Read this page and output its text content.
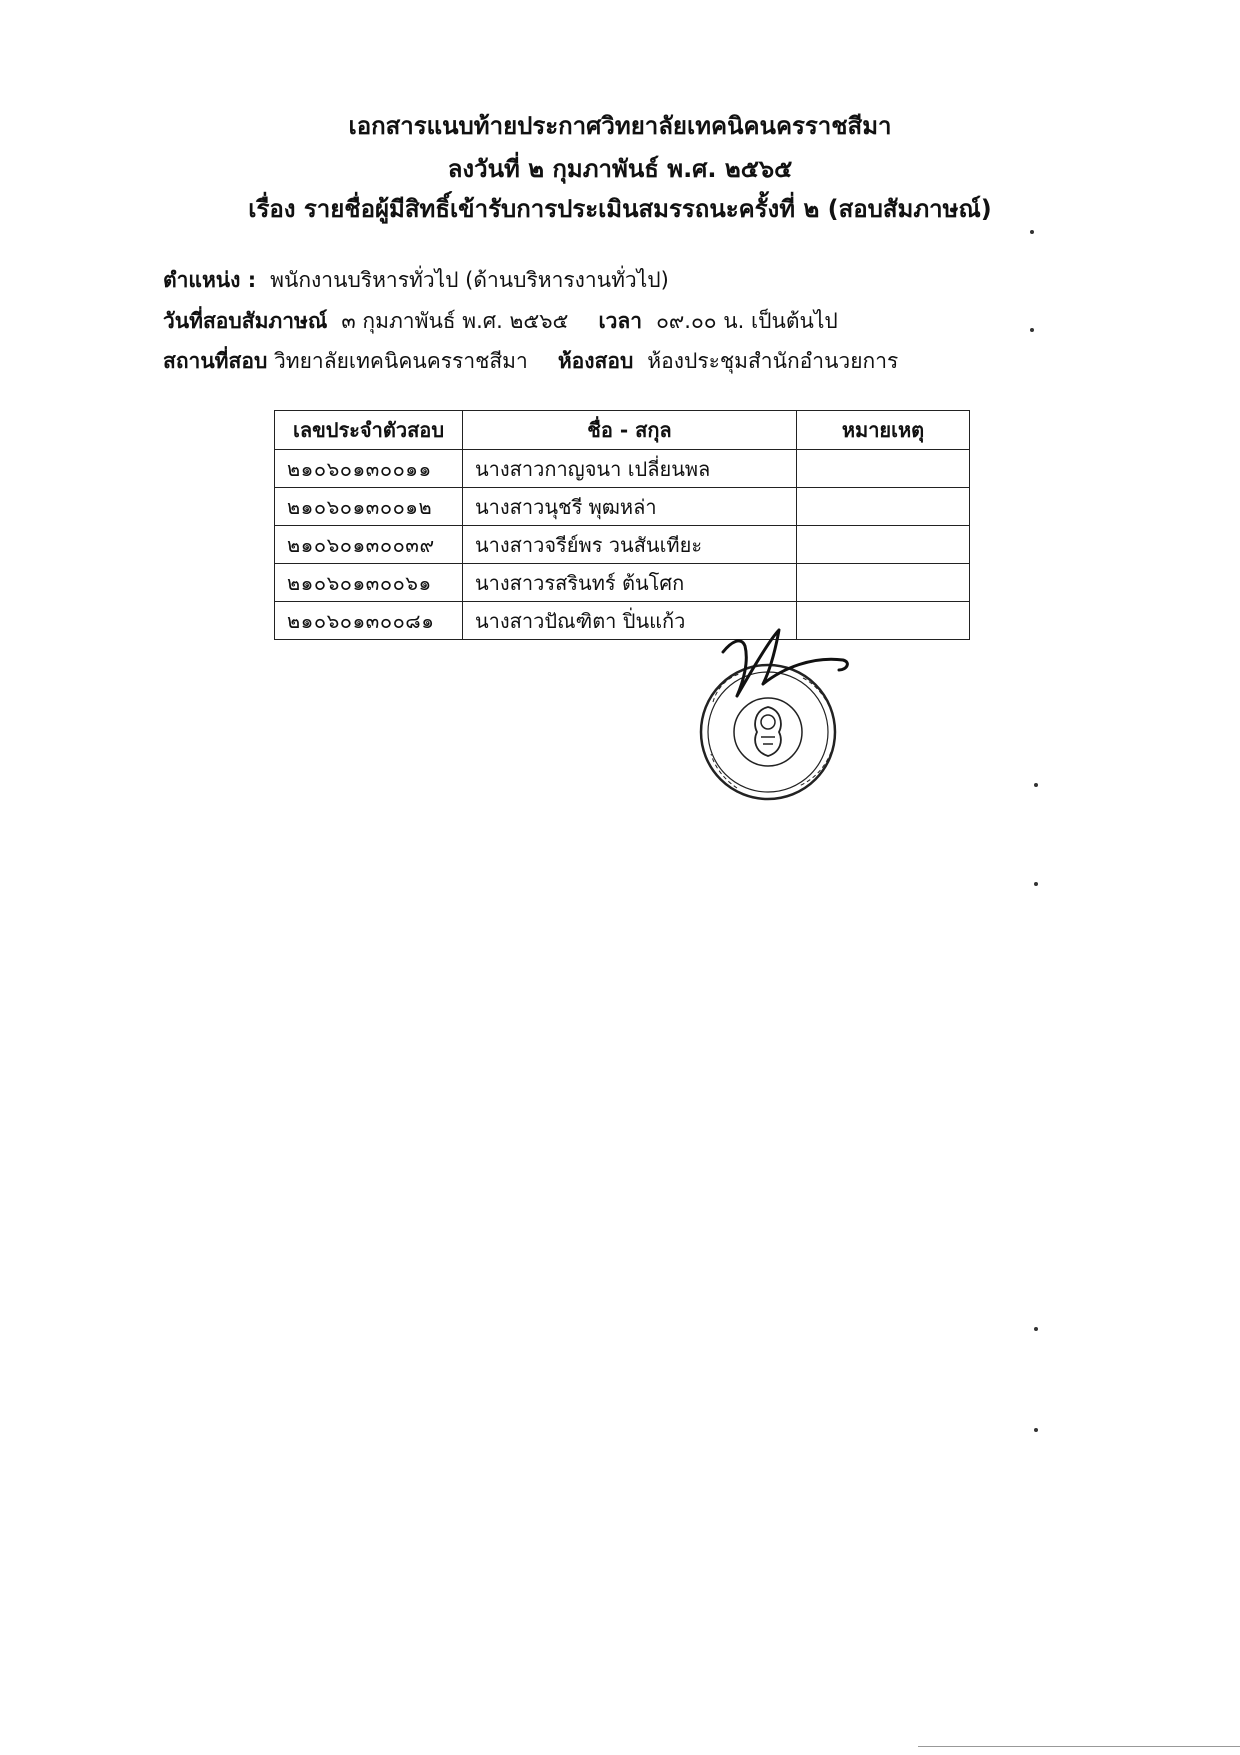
เอกสารแนบท้ายประกาศวิทยาลัยเทคนิคนครราชสีมา
ลงวันที่ ๒ กุมภาพันธ์ พ.ศ. ๒๕๖๕
เรื่อง รายชื่อผู้มีสิทธิ์เข้ารับการประเมินสมรรถนะครั้งที่ ๒ (สอบสัมภาษณ์)
ตำแหน่ง : พนักงานบริหารทั่วไป (ด้านบริหารงานทั่วไป)
วันที่สอบสัมภาษณ์ ๓ กุมภาพันธ์ พ.ศ. ๒๕๖๕ เวลา ๐๙.๐๐ น. เป็นต้นไป
สถานที่สอบ วิทยาลัยเทคนิคนครราชสีมา ห้องสอบ ห้องประชุมสำนักอำนวยการ
เลขประจำตัวสอบ	ชื่อ - สกุล	หมายเหตุ
๒๑๐๖๐๑๓๐๐๑๑	นางสาวกาญจนา เปลี่ยนพล	
๒๑๐๖๐๑๓๐๐๑๒	นางสาวนุชรี พุฒหล่า	
๒๑๐๖๐๑๓๐๐๓๙	นางสาวจรีย์พร วนสันเทียะ	
๒๑๐๖๐๑๓๐๐๖๑	นางสาวรสรินทร์ ต้นโศก	
๒๑๐๖๐๑๓๐๐๘๑	นางสาวปัณฑิตา ปิ่นแก้ว	
